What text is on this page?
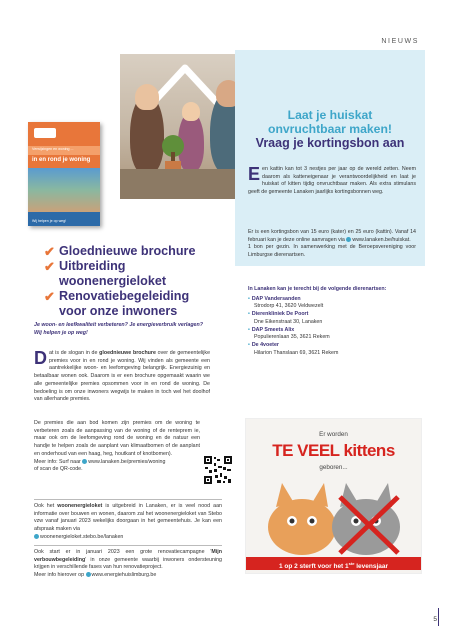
NIEUWS
Verwijzingen en woning ...
in en rond je woning
Wij helpen je op weg!
✔ Gloednieuwe brochure
✔ Uitbreiding woonenergieloket
✔ Renovatiebegeleiding
voor onze inwoners
Je woon- en leefkwaliteit verbeteren? Je energieverbruik verlagen?
Wij helpen je op weg!
Dat is de slogan in de gloednieuwe brochure over de gemeentelijke premies voor in en rond je woning. Wij vinden als gemeente een aantrekkelijke woon- en leefomgeving belangrijk. Energiezuinig en betaalbaar wonen ook. Daarom is er een brochure opgemaakt waarin we alle gemeentelijke premies opsommen voor in en rond de woning. De bedoeling is om onze inwoners wegwijs te maken in toch wel het doolhof van allerhande premies.
De premies die aan bod komen zijn premies om de woning te verbeteren zoals de aanpassing van de woning of de renteprem ie, maar ook om de leefomgeving rond de woning en de natuur een handje te helpen zoals de aanplant van klimaatbomen of de aanplant en onderhoud van een haag, heg, houtkant of knotbomen).
Meer info: Surf naar www.lanaken.be/premies/woning
of scan de QR-code.
Ook het woonenergieloket is uitgebreid in Lanaken, er is veel nood aan informatie over bouwen en wonen, daarom zal het woonenergieloket van Stebo vzw vanaf januari 2023 wekelijks doorgaan in het gemeentehuis. Je kan een afspraak maken via
woonenergieloket.stebo.be/lanaken
Ook start er in januari 2023 een grote renovatiecampagne 'Mijn verbouwbegeleiding' in onze gemeente waarbij inwoners ondersteuning krijgen in verschillende fases van hun renovatieproject.
Meer info hierover op www.energiehuislimburg.be
Laat je huiskat
onvruchtbaar maken!
Vraag je kortingsbon aan
Een kattin kan tot 3 nestjes per jaar op de wereld zetten. Neem daarom als katteneigenaar je verantwoordelijkheid en laat je huiskat of kitten tijdig onvruchtbaar maken. Als extra stimulans geeft de gemeente Lanaken jaarlijks kortingsbonnen weg.
Er is een kortingsbon van 15 euro (kater) en 25 euro (kattin). Vanaf 14 februari kan je deze online aanvragen via www.lanaken.be/huiskat.
1 bon per gezin. In samenwerking met de Beroepsvereniging voor Limburgse dierenartsen.
In Lanaken kan je terecht bij de volgende dierenartsen:
• DAP Vandersanden
Strodorp 41, 3620 Veldwezelt
• Dierenkliniek De Poort
Dne Eikenstraat 30, Lanaken
• DAP Smeets Alix
Populierenlaan 35, 3621 Rekem
• De 4voeter
Hilarion Thanslaan 69, 3621 Rekem
Er worden
TE VEEL kittens
geboren...
1 op 2 sterft voor het 1ste levensjaar
5
